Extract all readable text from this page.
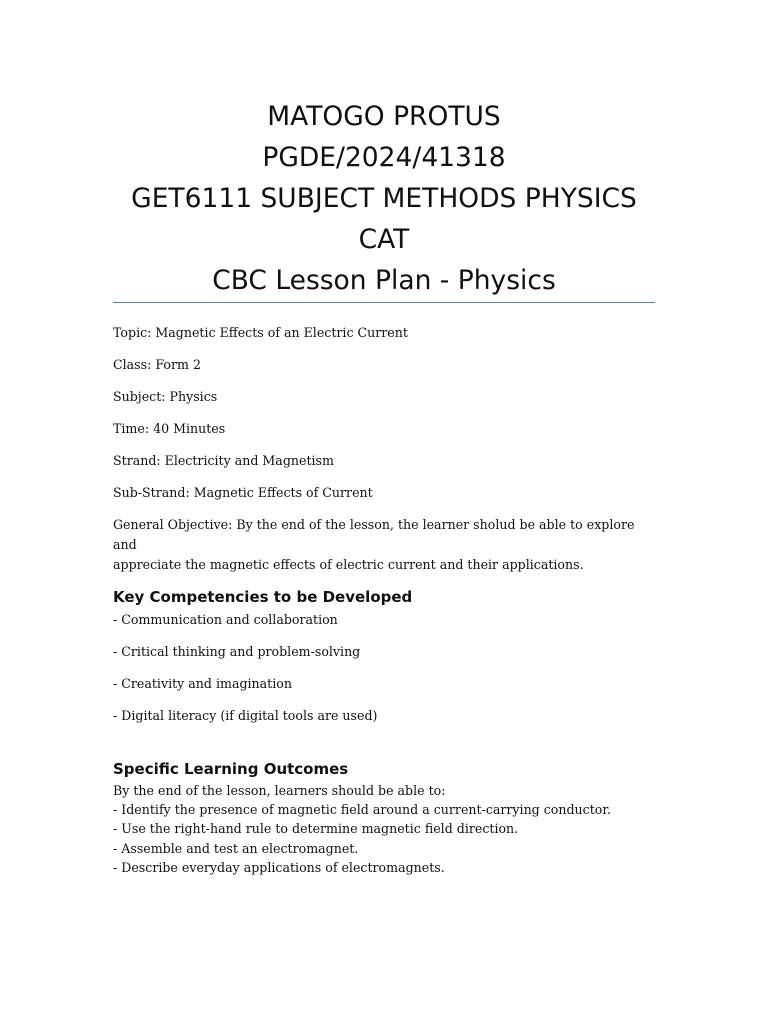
MATOGO PROTUS
PGDE/2024/41318
GET6111 SUBJECT METHODS PHYSICS
CAT
CBC Lesson Plan - Physics

Topic: Magnetic Effects of an Electric Current

Class: Form 2

Subject: Physics

Time: 40 Minutes

Strand: Electricity and Magnetism

Sub-Strand: Magnetic Effects of Current

General Objective: By the end of the lesson, the learner sholud be able to explore and
appreciate the magnetic effects of electric current and their applications.

Key Competencies to be Developed

- Communication and collaboration

- Critical thinking and problem-solving

- Creativity and imagination

- Digital literacy (if digital tools are used)

Specific Learning Outcomes

By the end of the lesson, learners should be able to:
- Identify the presence of magnetic field around a current-carrying conductor.
- Use the right-hand rule to determine magnetic field direction.
- Assemble and test an electromagnet.
- Describe everyday applications of electromagnets.
